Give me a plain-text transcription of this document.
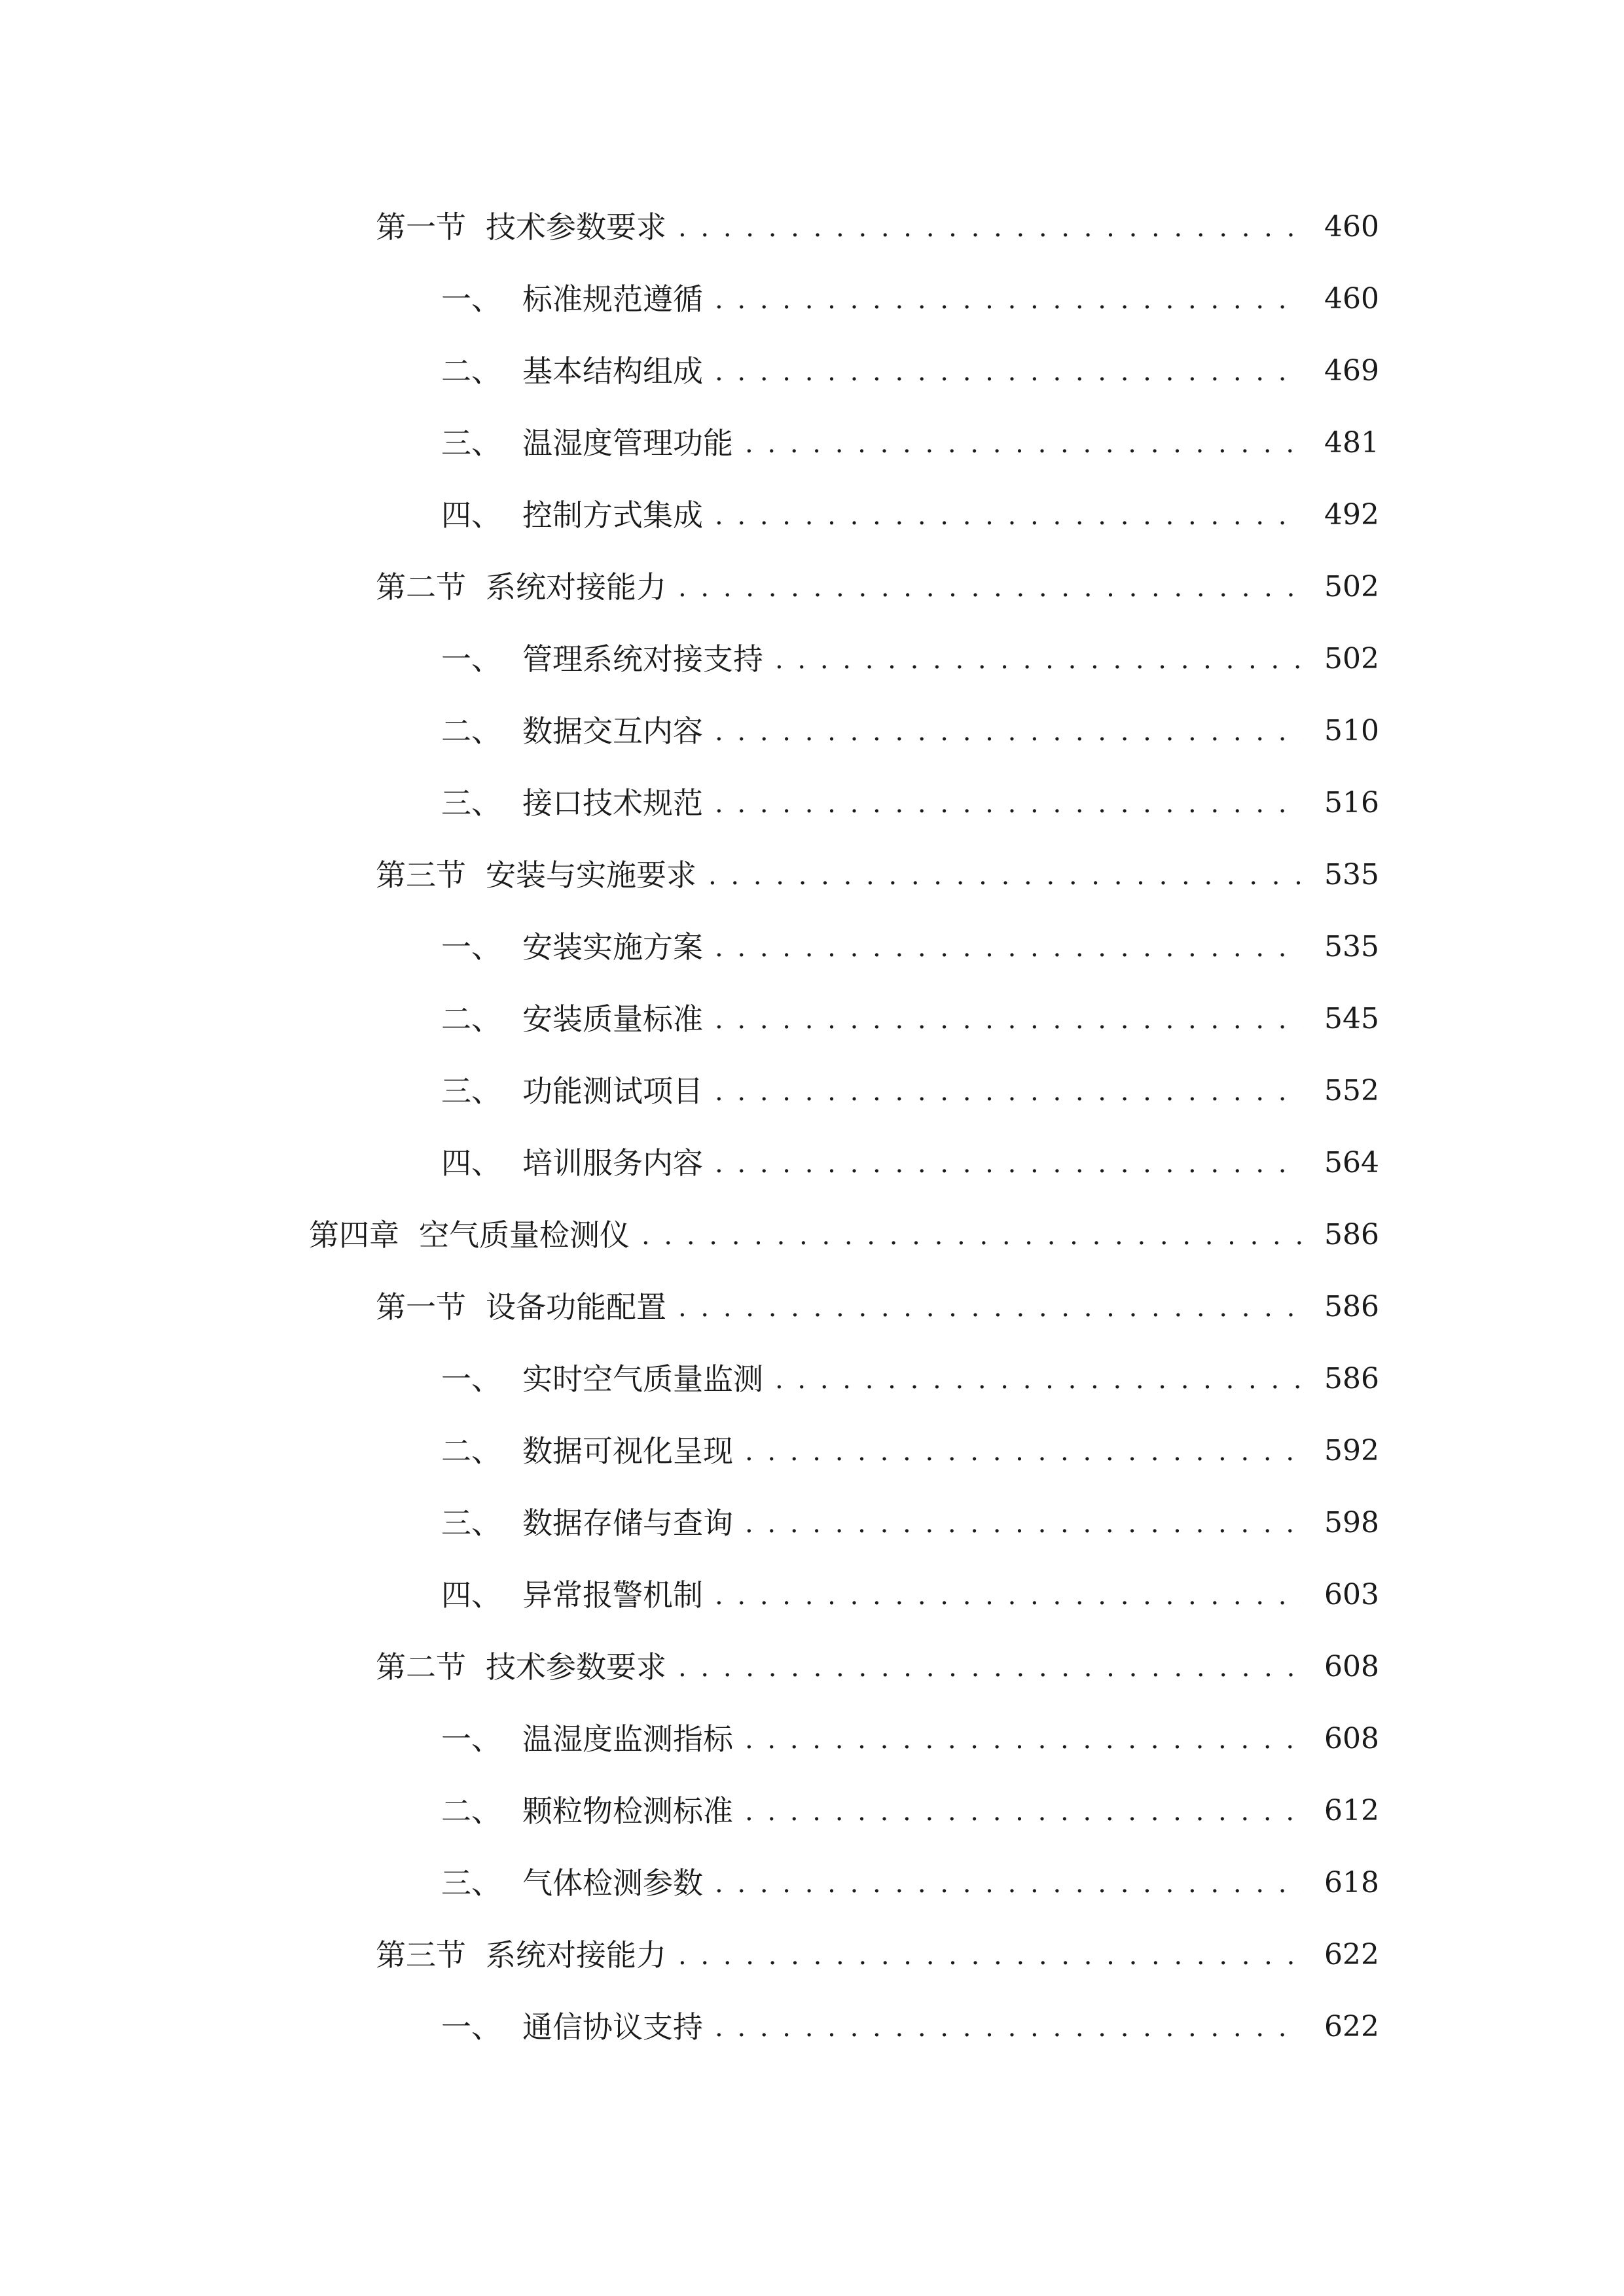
第一节 技术参数要求 . . .	460
一、 标准规范遵循 . . .	460
二、 基本结构组成 . . .	469
三、 温湿度管理功能 . . .	481
四、 控制方式集成 . . .	492
第二节 系统对接能力 . . .	502
一、 管理系统对接支持 . . .	502
二、 数据交互内容 . . .	510
三、 接口技术规范 . . .	516
第三节 安装与实施要求 . . .	535
一、 安装实施方案 . . .	535
二、 安装质量标准 . . .	545
三、 功能测试项目 . . .	552
四、 培训服务内容 . . .	564
第四章 空气质量检测仪 . . .	586
第一节 设备功能配置 . . .	586
一、 实时空气质量监测 . . .	586
二、 数据可视化呈现 . . .	592
三、 数据存储与查询 . . .	598
四、 异常报警机制 . . .	603
第二节 技术参数要求 . . .	608
一、 温湿度监测指标 . . .	608
二、 颗粒物检测标准 . . .	612
三、 气体检测参数 . . .	618
第三节 系统对接能力 . . .	622
一、 通信协议支持 . . .	622
